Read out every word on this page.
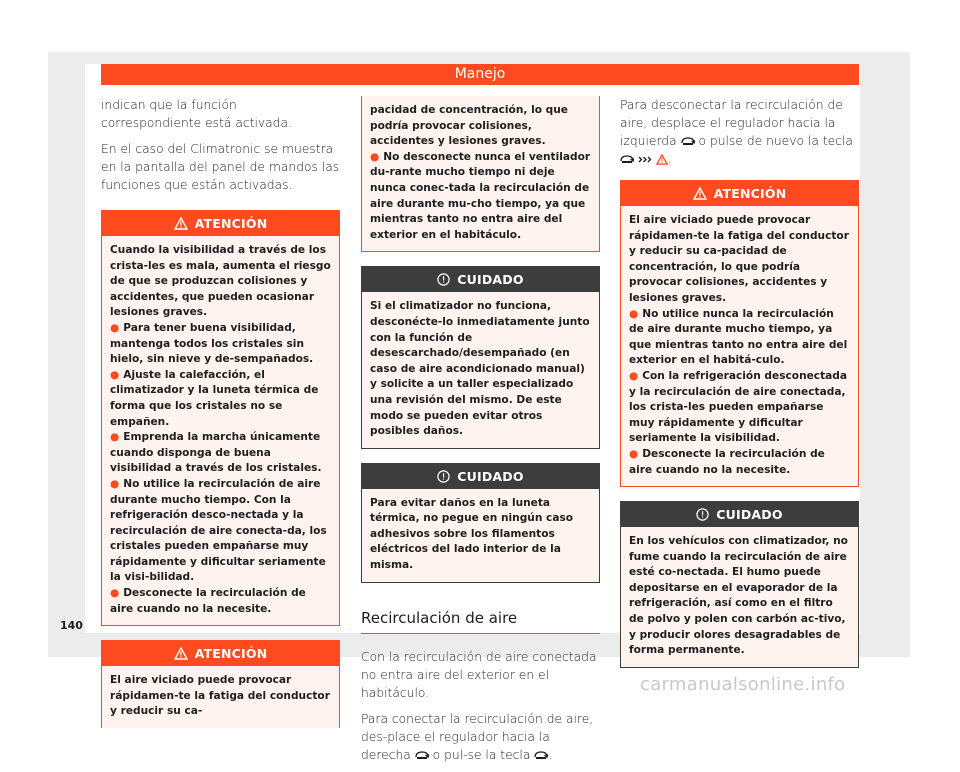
Manejo

indican que la función correspondiente está activada.

En el caso del Climatronic se muestra en la pantalla del panel de mandos las funciones que están activadas.

ATENCIÓN

Cuando la visibilidad a través de los crista-les es mala, aumenta el riesgo de que se produzcan colisiones y accidentes, que pueden ocasionar lesiones graves.

● Para tener buena visibilidad, mantenga todos los cristales sin hielo, sin nieve y de-sempañados.

● Ajuste la calefacción, el climatizador y la luneta térmica de forma que los cristales no se empañen.

● Emprenda la marcha únicamente cuando disponga de buena visibilidad a través de los cristales.

● No utilice la recirculación de aire durante mucho tiempo. Con la refrigeración desco-nectada y la recirculación de aire conecta-da, los cristales pueden empañarse muy rápidamente y dificultar seriamente la visi-bilidad.

● Desconecte la recirculación de aire cuando no la necesite.

ATENCIÓN

El aire viciado puede provocar rápidamen-te la fatiga del conductor y reducir su ca-

pacidad de concentración, lo que podría provocar colisiones, accidentes y lesiones graves.

● No desconecte nunca el ventilador du-rante mucho tiempo ni deje nunca conec-tada la recirculación de aire durante mu-cho tiempo, ya que mientras tanto no entra aire del exterior en el habitáculo.

CUIDADO

Si el climatizador no funciona, desconécte-lo inmediatamente junto con la función de desescarchado/desempañado (en caso de aire acondicionado manual) y solicite a un taller especializado una revisión del mismo. De este modo se pueden evitar otros posibles daños.

CUIDADO

Para evitar daños en la luneta térmica, no pegue en ningún caso adhesivos sobre los filamentos eléctricos del lado interior de la misma.

Recirculación de aire

Con la recirculación de aire conectada no entra aire del exterior en el habitáculo.

Para conectar la recirculación de aire, des-place el regulador hacia la derecha o pul-se la tecla .

Para desconectar la recirculación de aire, desplace el regulador hacia la izquierda o pulse de nuevo la tecla   .

ATENCIÓN

El aire viciado puede provocar rápidamen-te la fatiga del conductor y reducir su ca-pacidad de concentración, lo que podría provocar colisiones, accidentes y lesiones graves.

● No utilice nunca la recirculación de aire durante mucho tiempo, ya que mientras tanto no entra aire del exterior en el habitá-culo.

● Con la refrigeración desconectada y la recirculación de aire conectada, los crista-les pueden empañarse muy rápidamente y dificultar seriamente la visibilidad.

● Desconecte la recirculación de aire cuando no la necesite.

CUIDADO

En los vehículos con climatizador, no fume cuando la recirculación de aire esté co-nectada. El humo puede depositarse en el evaporador de la refrigeración, así como en el filtro de polvo y polen con carbón ac-tivo, y producir olores desagradables de forma permanente.

140
carmanualsonline.info
